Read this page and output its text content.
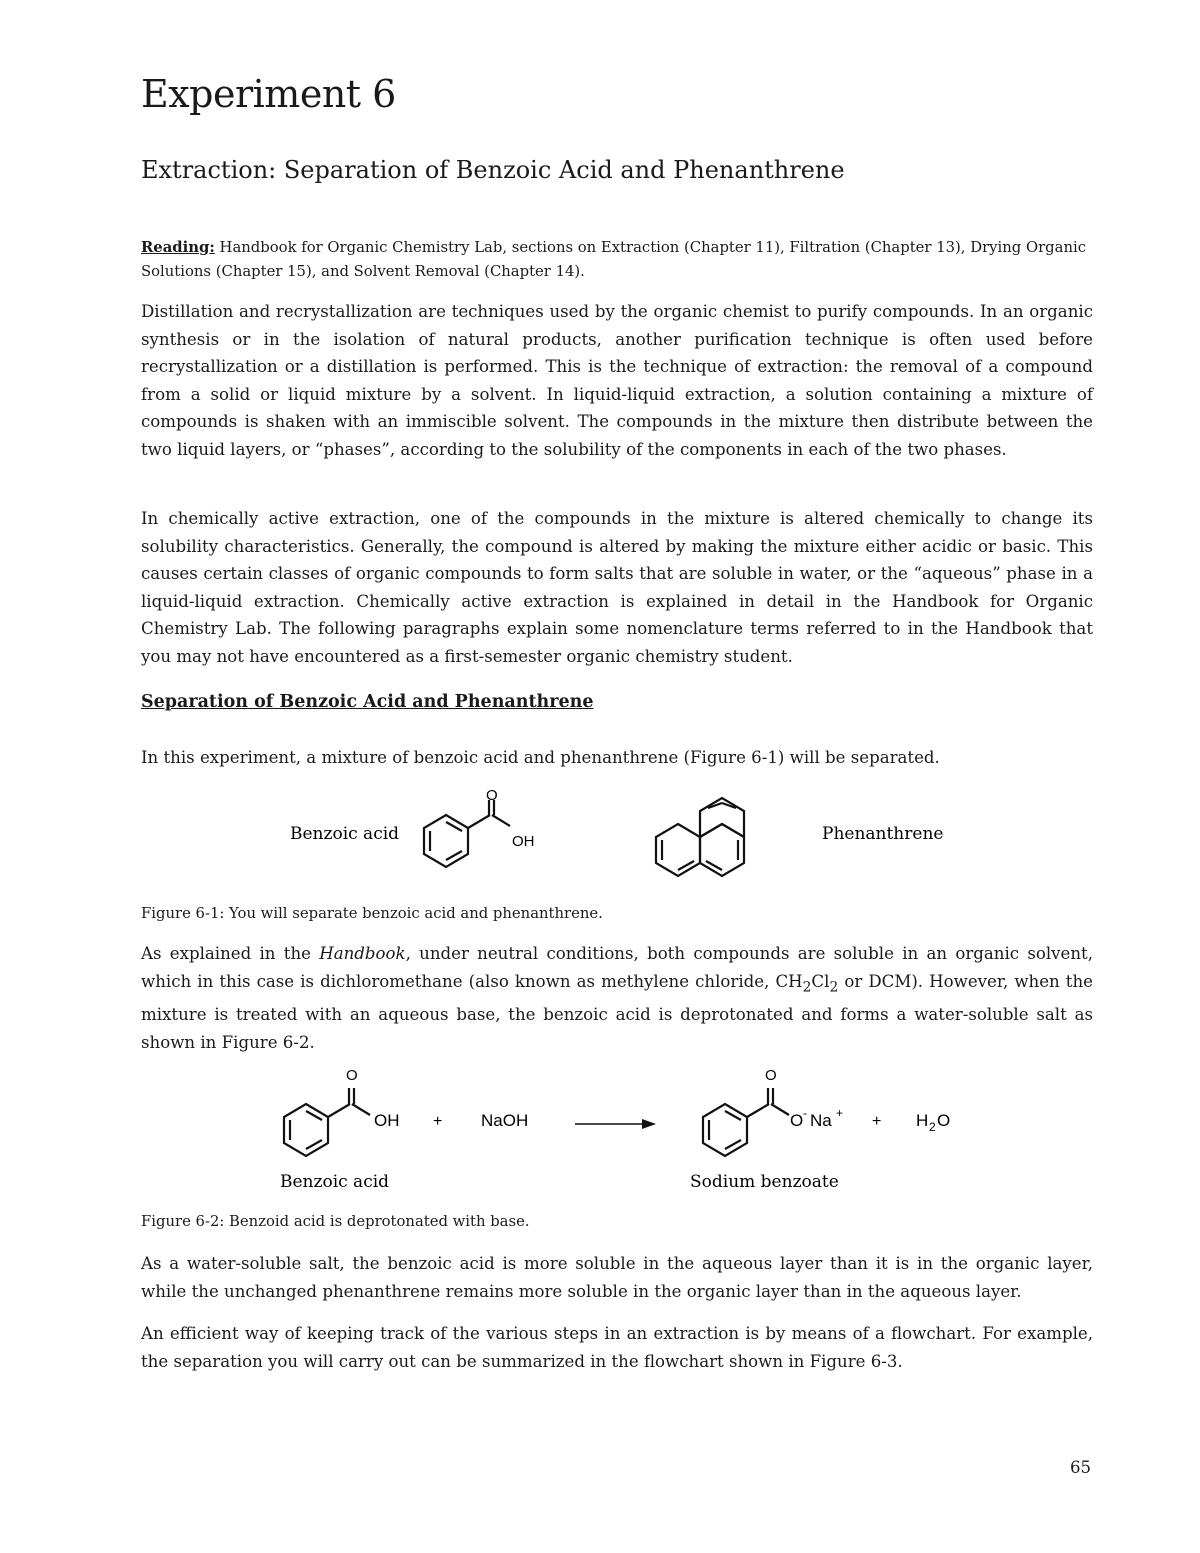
Experiment 6
Extraction: Separation of Benzoic Acid and Phenanthrene

Reading: Handbook for Organic Chemistry Lab, sections on Extraction (Chapter 11), Filtration (Chapter 13), Drying Organic Solutions (Chapter 15), and Solvent Removal (Chapter 14).

Distillation and recrystallization are techniques used by the organic chemist to purify compounds. In an organic synthesis or in the isolation of natural products, another purification technique is often used before recrystallization or a distillation is performed. This is the technique of extraction: the removal of a compound from a solid or liquid mixture by a solvent. In liquid-liquid extraction, a solution containing a mixture of compounds is shaken with an immiscible solvent. The compounds in the mixture then distribute between the two liquid layers, or “phases”, according to the solubility of the components in each of the two phases.

In chemically active extraction, one of the compounds in the mixture is altered chemically to change its solubility characteristics. Generally, the compound is altered by making the mixture either acidic or basic. This causes certain classes of organic compounds to form salts that are soluble in water, or the “aqueous” phase in a liquid-liquid extraction. Chemically active extraction is explained in detail in the Handbook for Organic Chemistry Lab. The following paragraphs explain some nomenclature terms referred to in the Handbook that you may not have encountered as a first-semester organic chemistry student.

Separation of Benzoic Acid and Phenanthrene

In this experiment, a mixture of benzoic acid and phenanthrene (Figure 6-1) will be separated.

Benzoic acid
O
OH	Phenanthrene

Figure 6-1: You will separate benzoic acid and phenanthrene.

As explained in the Handbook, under neutral conditions, both compounds are soluble in an organic solvent, which in this case is dichloromethane (also known as methylene chloride, $CH_2Cl_2$ or DCM). However, when the mixture is treated with an aqueous base, the benzoic acid is deprotonated and forms a water-soluble salt as shown in Figure 6-2.

O
OH + NaOH
O
O - Na + + H 2 O
Benzoic acid	Sodium benzoate

Figure 6-2: Benzoid acid is deprotonated with base.

As a water-soluble salt, the benzoic acid is more soluble in the aqueous layer than it is in the organic layer, while the unchanged phenanthrene remains more soluble in the organic layer than in the aqueous layer.

An efficient way of keeping track of the various steps in an extraction is by means of a flowchart. For example, the separation you will carry out can be summarized in the flowchart shown in Figure 6-3.

65
